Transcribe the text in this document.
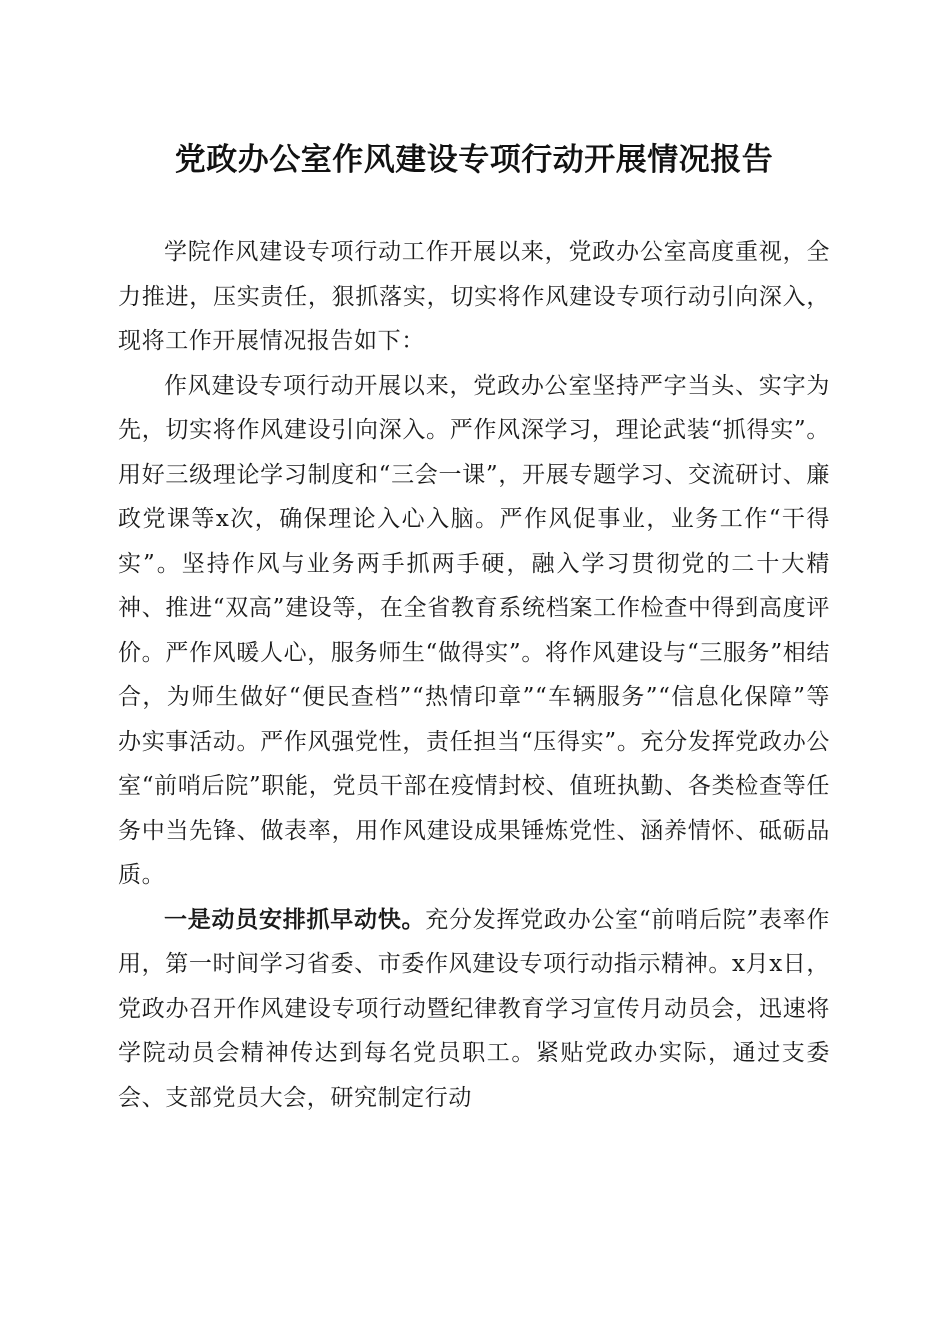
党政办公室作风建设专项行动开展情况报告

学院作风建设专项行动工作开展以来，党政办公室高度重视，全力推进，压实责任，狠抓落实，切实将作风建设专项行动引向深入，现将工作开展情况报告如下：

作风建设专项行动开展以来，党政办公室坚持严字当头、实字为先，切实将作风建设引向深入。严作风深学习，理论武装“抓得实”。用好三级理论学习制度和“三会一课”，开展专题学习、交流研讨、廉政党课等x次，确保理论入心入脑。严作风促事业，业务工作“干得实”。坚持作风与业务两手抓两手硬，融入学习贯彻党的二十大精神、推进“双高”建设等，在全省教育系统档案工作检查中得到高度评价。严作风暖人心，服务师生“做得实”。将作风建设与“三服务”相结合，为师生做好“便民查档”“热情印章”“车辆服务”“信息化保障”等办实事活动。严作风强党性，责任担当“压得实”。充分发挥党政办公室“前哨后院”职能，党员干部在疫情封校、值班执勤、各类检查等任务中当先锋、做表率，用作风建设成果锤炼党性、涵养情怀、砥砺品质。

一是动员安排抓早动快。充分发挥党政办公室“前哨后院”表率作用，第一时间学习省委、市委作风建设专项行动指示精神。x月x日，党政办召开作风建设专项行动暨纪律教育学习宣传月动员会，迅速将学院动员会精神传达到每名党员职工。紧贴党政办实际，通过支委会、支部党员大会，研究制定行动
